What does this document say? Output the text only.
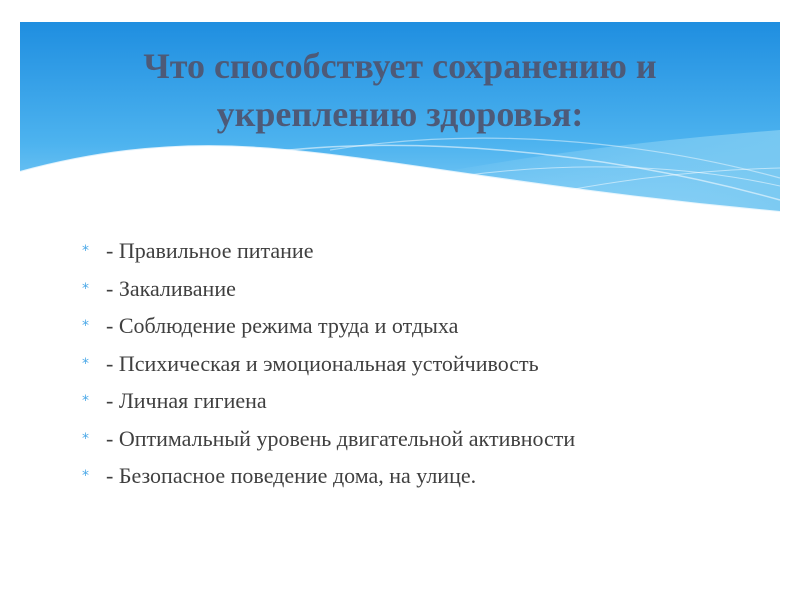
Что способствует сохранению и укреплению здоровья:
* - Правильное питание
* - Закаливание
* - Соблюдение режима труда и отдыха
* - Психическая и эмоциональная устойчивость
* - Личная гигиена
* - Оптимальный уровень двигательной активности
* - Безопасное поведение дома, на улице.
